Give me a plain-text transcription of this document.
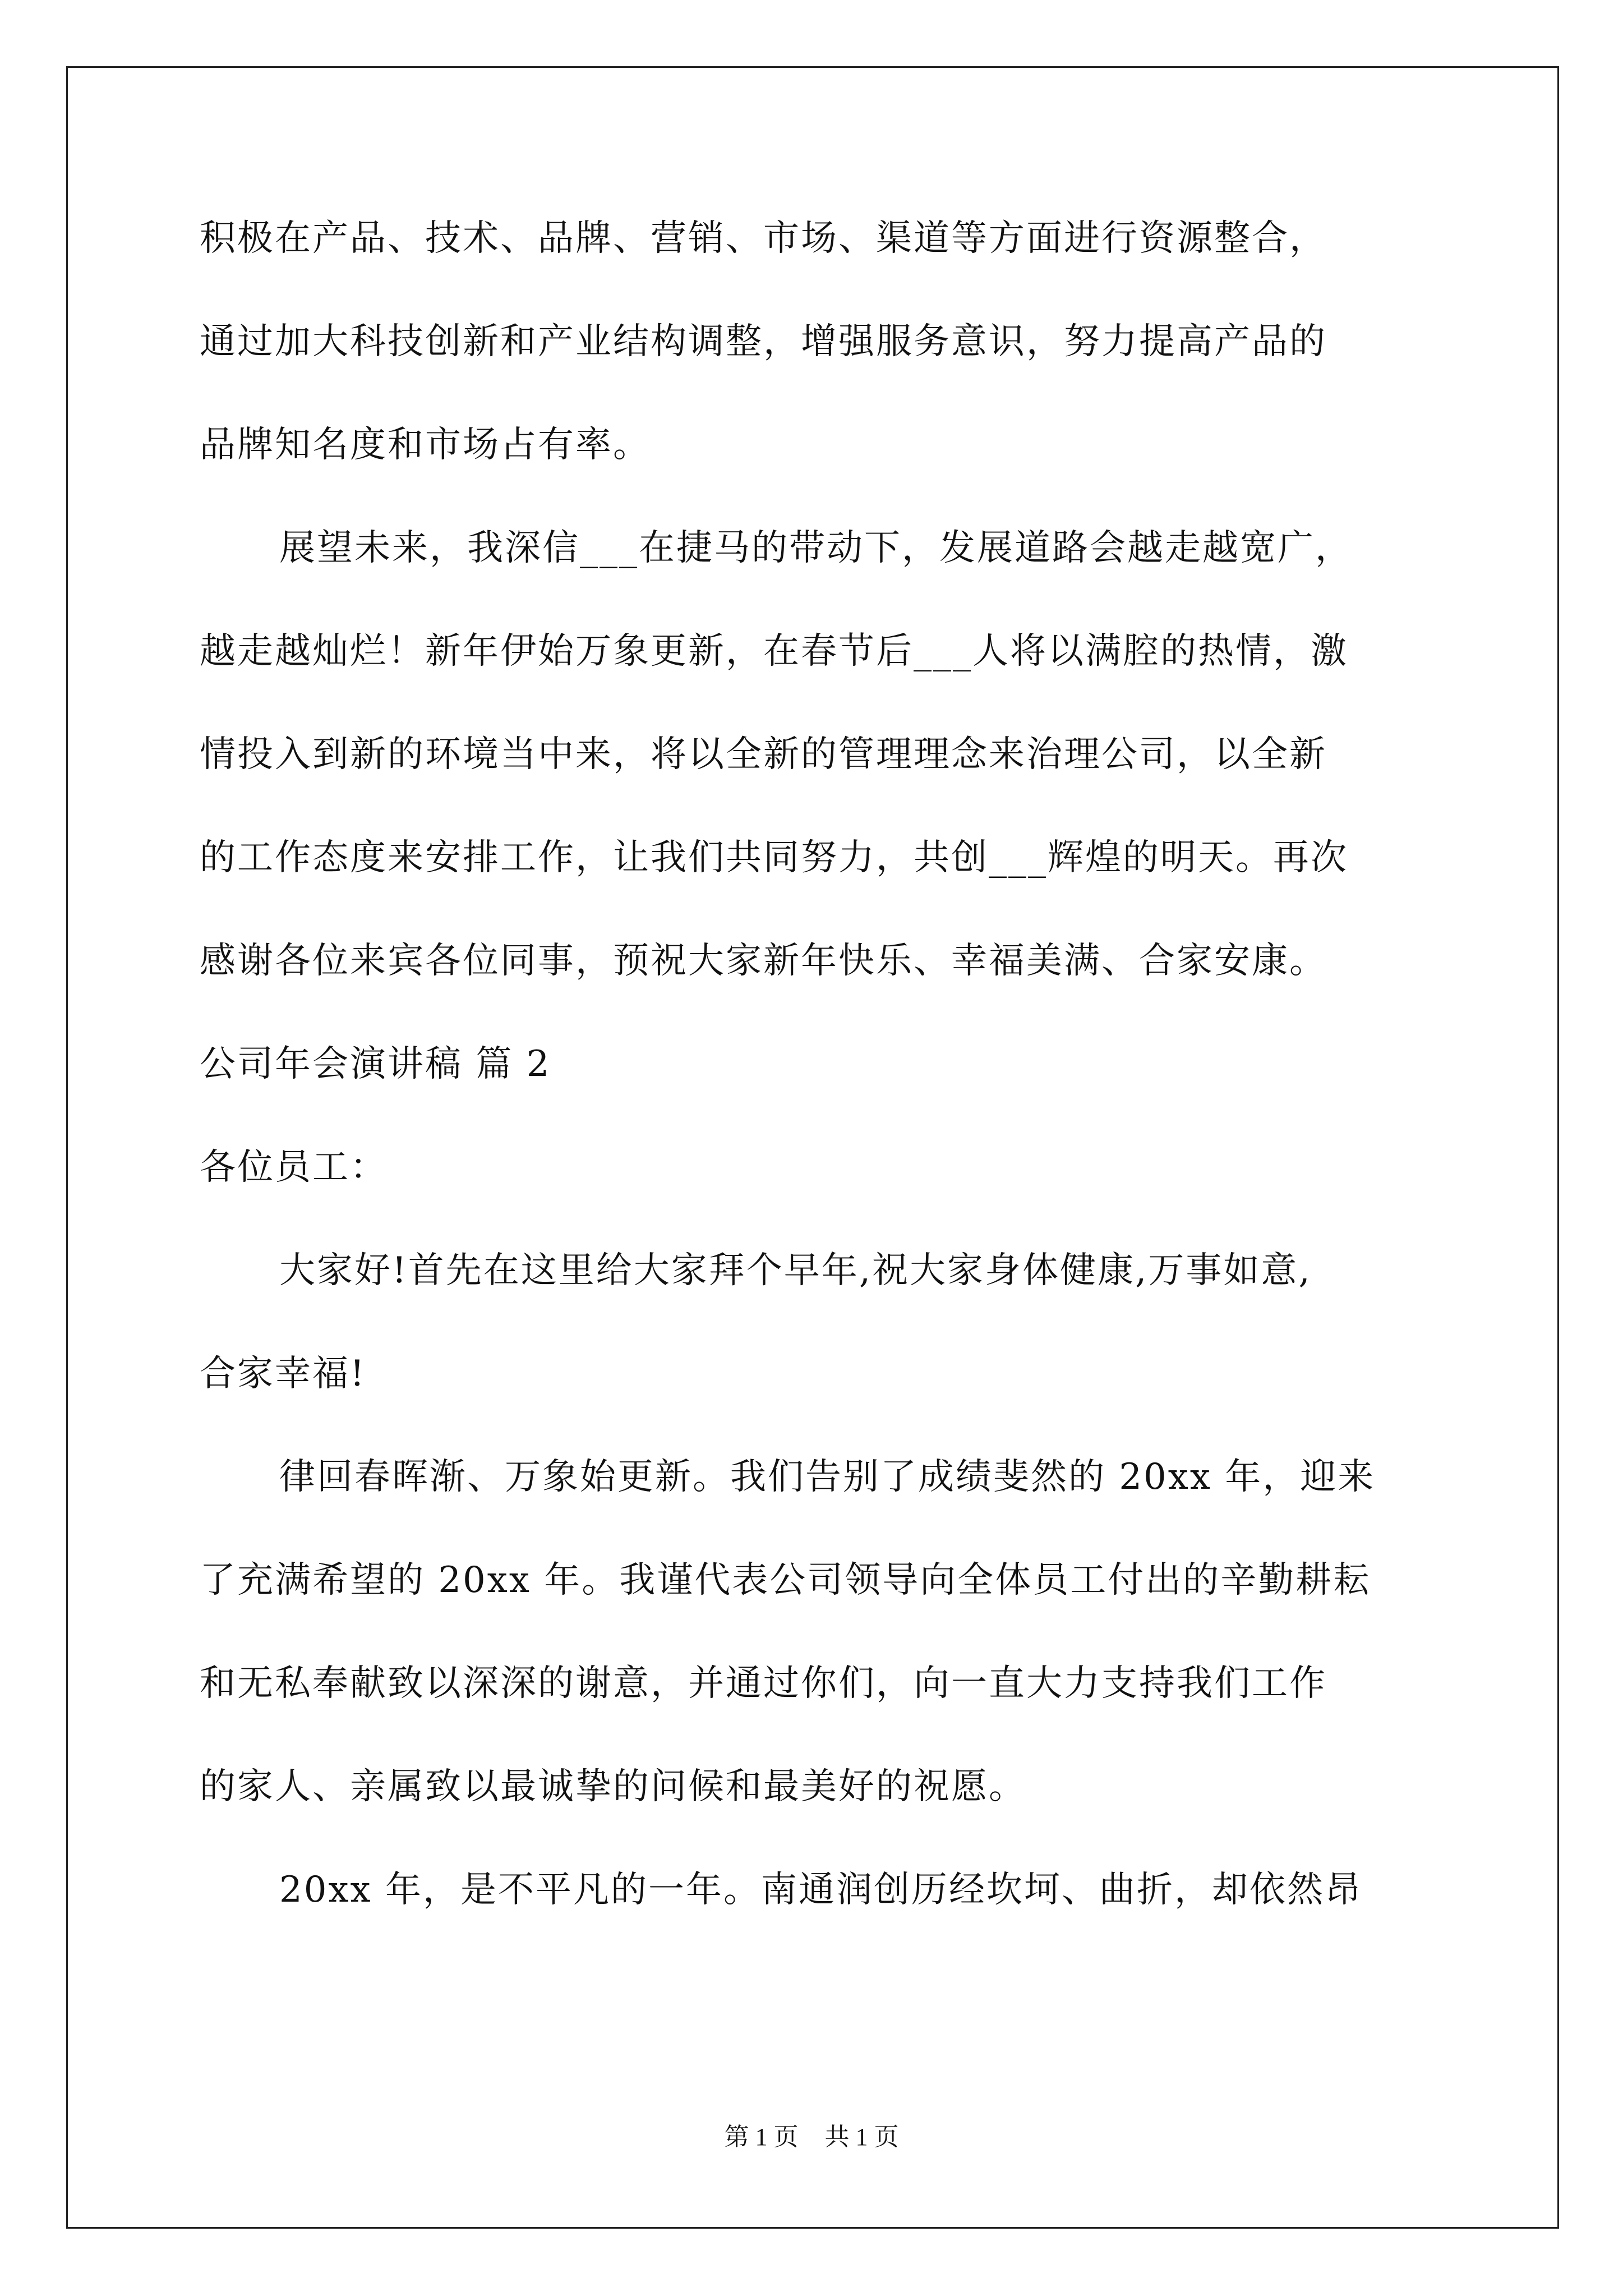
积极在产品、技术、品牌、营销、市场、渠道等方面进行资源整合，
通过加大科技创新和产业结构调整，增强服务意识，努力提高产品的
品牌知名度和市场占有率。
展望未来，我深信___在捷马的带动下，发展道路会越走越宽广，
越走越灿烂！新年伊始万象更新，在春节后___人将以满腔的热情，激
情投入到新的环境当中来，将以全新的管理理念来治理公司，以全新
的工作态度来安排工作，让我们共同努力，共创___辉煌的明天。再次
感谢各位来宾各位同事，预祝大家新年快乐、幸福美满、合家安康。
公司年会演讲稿 篇 2
各位员工：
大家好!首先在这里给大家拜个早年,祝大家身体健康,万事如意,
合家幸福!
律回春晖渐、万象始更新。我们告别了成绩斐然的 20xx 年，迎来
了充满希望的 20xx 年。我谨代表公司领导向全体员工付出的辛勤耕耘
和无私奉献致以深深的谢意，并通过你们，向一直大力支持我们工作
的家人、亲属致以最诚挚的问候和最美好的祝愿。
20xx 年，是不平凡的一年。南通润创历经坎坷、曲折，却依然昂
第 1 页 共 1 页
